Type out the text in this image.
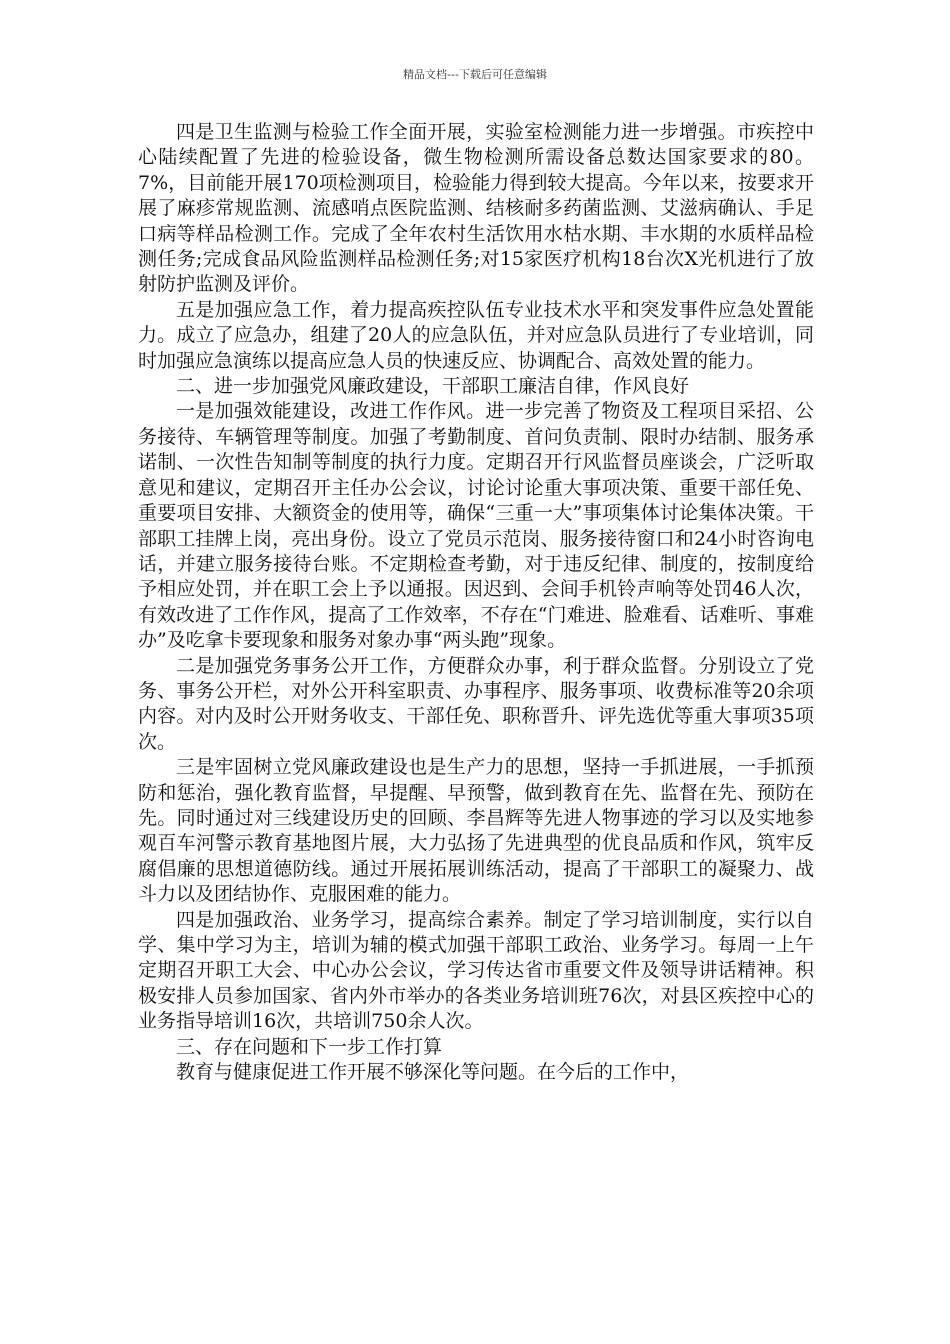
精品文档---下载后可任意编辑

四是卫生监测与检验工作全面开展，实验室检测能力进一步增强。市疾控中心陆续配置了先进的检验设备，微生物检测所需设备总数达国家要求的80。7%，目前能开展170项检测项目，检验能力得到较大提高。今年以来，按要求开展了麻疹常规监测、流感哨点医院监测、结核耐多药菌监测、艾滋病确认、手足口病等样品检测工作。完成了全年农村生活饮用水枯水期、丰水期的水质样品检测任务;完成食品风险监测样品检测任务;对15家医疗机构18台次X光机进行了放射防护监测及评价。

五是加强应急工作，着力提高疾控队伍专业技术水平和突发事件应急处置能力。成立了应急办，组建了20人的应急队伍，并对应急队员进行了专业培训，同时加强应急演练以提高应急人员的快速反应、协调配合、高效处置的能力。

二、进一步加强党风廉政建设，干部职工廉洁自律，作风良好

一是加强效能建设，改进工作作风。进一步完善了物资及工程项目采招、公务接待、车辆管理等制度。加强了考勤制度、首问负责制、限时办结制、服务承诺制、一次性告知制等制度的执行力度。定期召开行风监督员座谈会，广泛听取意见和建议，定期召开主任办公会议，讨论讨论重大事项决策、重要干部任免、重要项目安排、大额资金的使用等，确保“三重一大”事项集体讨论集体决策。干部职工挂牌上岗，亮出身份。设立了党员示范岗、服务接待窗口和24小时咨询电话，并建立服务接待台账。不定期检查考勤，对于违反纪律、制度的，按制度给予相应处罚，并在职工会上予以通报。因迟到、会间手机铃声响等处罚46人次，有效改进了工作作风，提高了工作效率，不存在“门难进、脸难看、话难听、事难办”及吃拿卡要现象和服务对象办事“两头跑”现象。

二是加强党务事务公开工作，方便群众办事，利于群众监督。分别设立了党务、事务公开栏，对外公开科室职责、办事程序、服务事项、收费标准等20余项内容。对内及时公开财务收支、干部任免、职称晋升、评先选优等重大事项35项次。

三是牢固树立党风廉政建设也是生产力的思想，坚持一手抓进展，一手抓预防和惩治，强化教育监督，早提醒、早预警，做到教育在先、监督在先、预防在先。同时通过对三线建设历史的回顾、李昌辉等先进人物事迹的学习以及实地参观百车河警示教育基地图片展，大力弘扬了先进典型的优良品质和作风，筑牢反腐倡廉的思想道德防线。通过开展拓展训练活动，提高了干部职工的凝聚力、战斗力以及团结协作、克服困难的能力。

四是加强政治、业务学习，提高综合素养。制定了学习培训制度，实行以自学、集中学习为主，培训为辅的模式加强干部职工政治、业务学习。每周一上午定期召开职工大会、中心办公会议，学习传达省市重要文件及领导讲话精神。积极安排人员参加国家、省内外市举办的各类业务培训班76次，对县区疾控中心的业务指导培训16次，共培训750余人次。

三、存在问题和下一步工作打算

教育与健康促进工作开展不够深化等问题。在今后的工作中，
